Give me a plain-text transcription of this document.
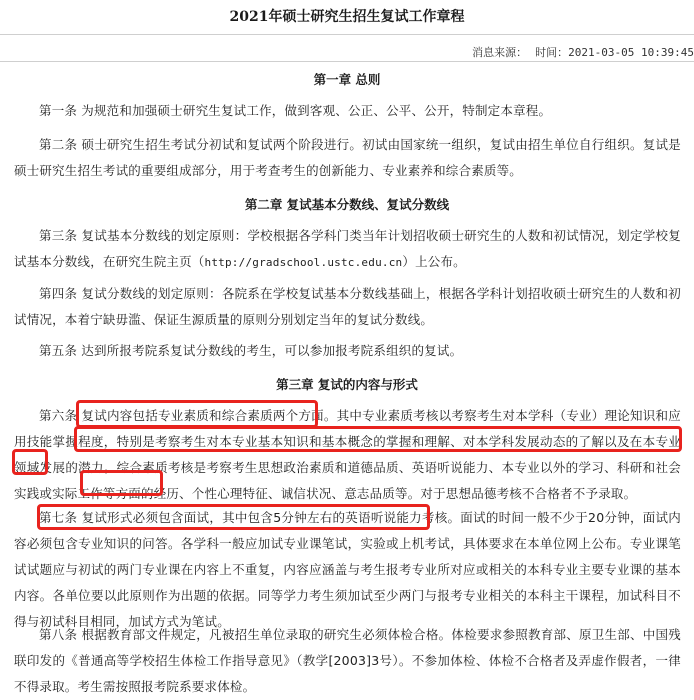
2021年硕士研究生招生复试工作章程
消息来源： 时间：2021-03-05 10:39:45
第一章 总则
第一条 为规范和加强硕士研究生复试工作，做到客观、公正、公平、公开，特制定本章程。
第二条 硕士研究生招生考试分初试和复试两个阶段进行。初试由国家统一组织，复试由招生单位自行组织。复试是硕士研究生招生考试的重要组成部分，用于考查考生的创新能力、专业素养和综合素质等。
第二章 复试基本分数线、复试分数线
第三条 复试基本分数线的划定原则：学校根据各学科门类当年计划招收硕士研究生的人数和初试情况，划定学校复试基本分数线，在研究生院主页（http://gradschool.ustc.edu.cn）上公布。
第四条 复试分数线的划定原则：各院系在学校复试基本分数线基础上，根据各学科计划招收硕士研究生的人数和初试情况，本着宁缺毋滥、保证生源质量的原则分别划定当年的复试分数线。
第五条 达到所报考院系复试分数线的考生，可以参加报考院系组织的复试。
第三章 复试的内容与形式
第六条 复试内容包括专业素质和综合素质两个方面。其中专业素质考核以考察考生对本学科（专业）理论知识和应用技能掌握程度，特别是考察考生对本专业基本知识和基本概念的掌握和理解、对本学科发展动态的了解以及在本专业领域发展的潜力。综合素质考核是考察考生思想政治素质和道德品质、英语听说能力、本专业以外的学习、科研和社会实践或实际工作等方面的经历、个性心理特征、诚信状况、意志品质等。对于思想品德考核不合格者不予录取。
第七条 复试形式必须包含面试，其中包含5分钟左右的英语听说能力考核。面试的时间一般不少于20分钟，面试内容必须包含专业知识的问答。各学科一般应加试专业课笔试，实验或上机考试，具体要求在本单位网上公布。专业课笔试试题应与初试的两门专业课在内容上不重复，内容应涵盖与考生报考专业所对应或相关的本科专业主要专业课的基本内容。各单位要以此原则作为出题的依据。同等学力考生须加试至少两门与报考专业相关的本科主干课程，加试科目不得与初试科目相同，加试方式为笔试。
第八条 根据教育部文件规定，凡被招生单位录取的研究生必须体检合格。体检要求参照教育部、原卫生部、中国残联印发的《普通高等学校招生体检工作指导意见》（教学[2003]3号）。不参加体检、体检不合格者及弄虚作假者，一律不得录取。考生需按照报考院系要求体检。
